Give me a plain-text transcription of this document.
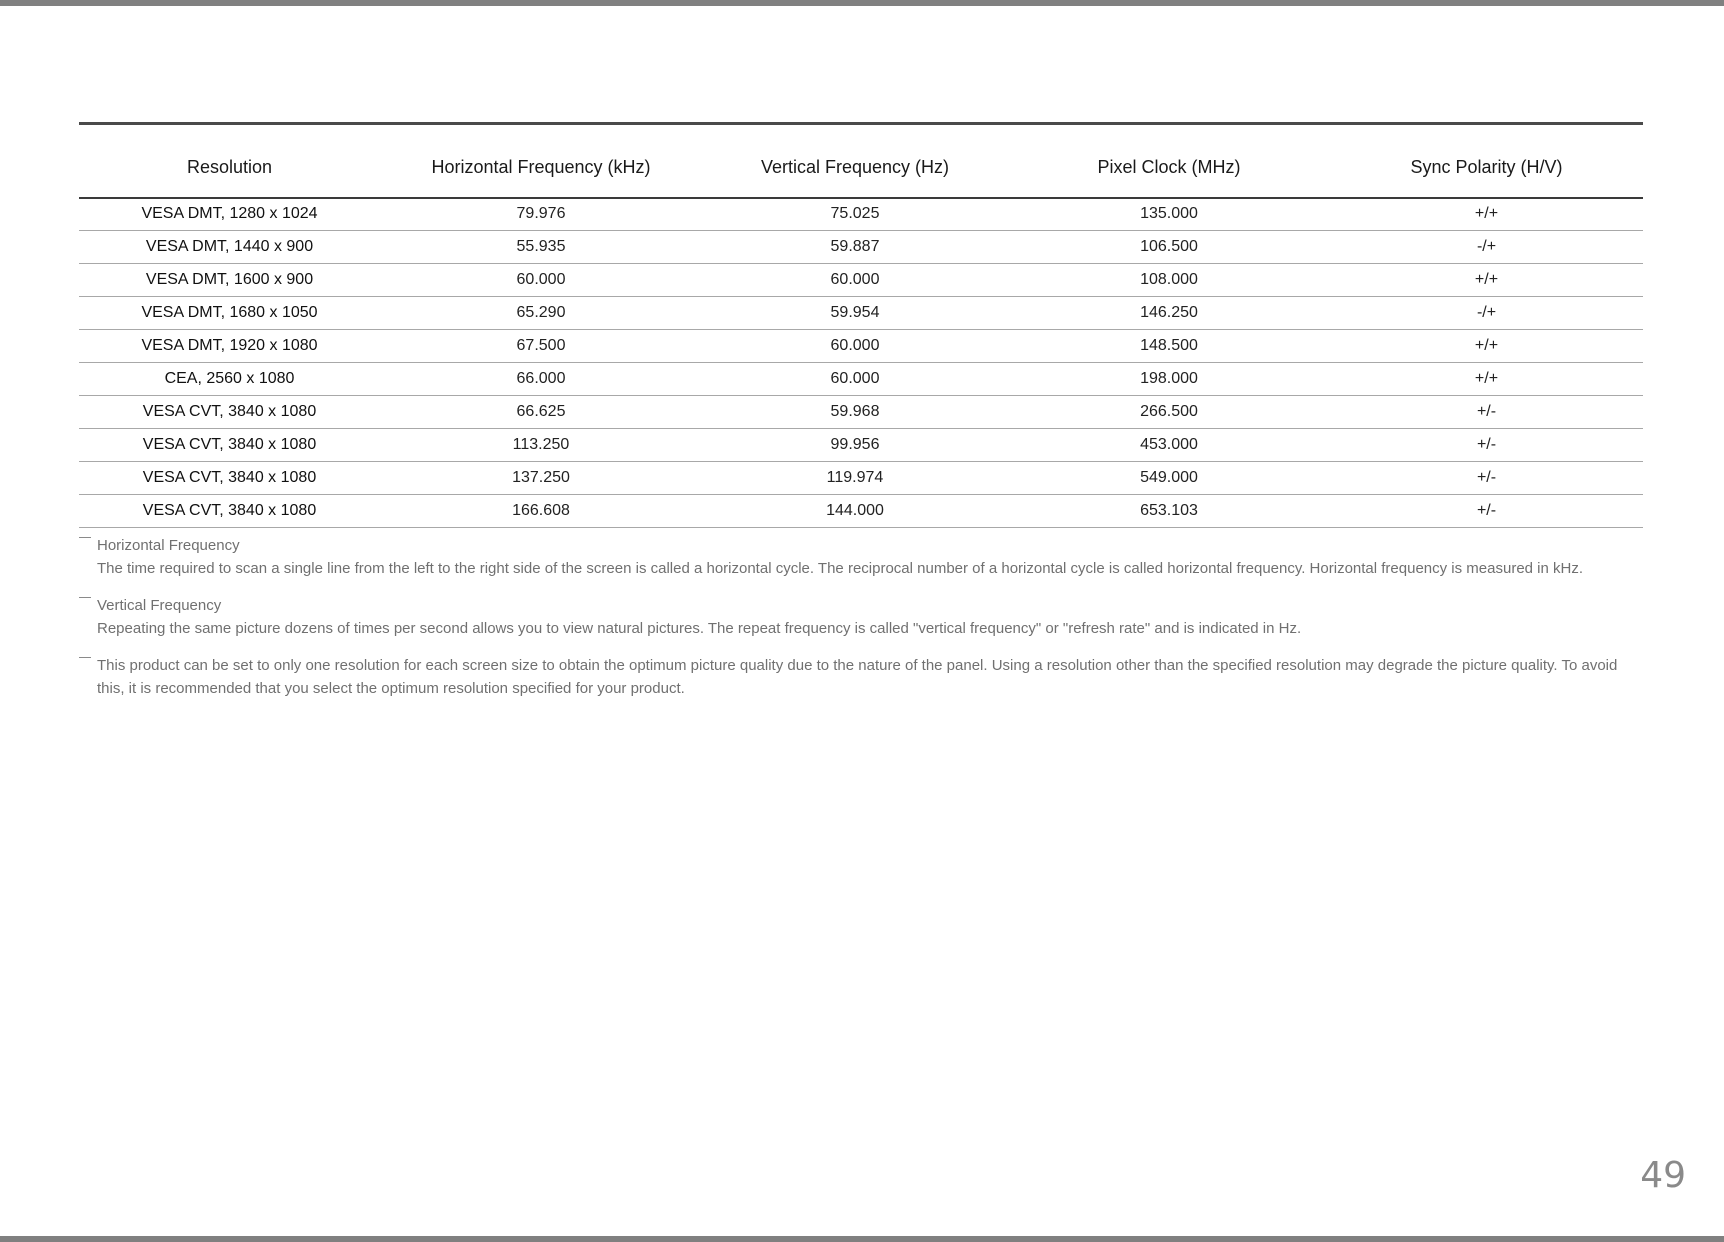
Resolution	Horizontal Frequency (kHz)	Vertical Frequency (Hz)	Pixel Clock (MHz)	Sync Polarity (H/V)
VESA DMT, 1280 x 1024	79.976	75.025	135.000	+/+
VESA DMT, 1440 x 900	55.935	59.887	106.500	-/+
VESA DMT, 1600 x 900	60.000	60.000	108.000	+/+
VESA DMT, 1680 x 1050	65.290	59.954	146.250	-/+
VESA DMT, 1920 x 1080	67.500	60.000	148.500	+/+
CEA, 2560 x 1080	66.000	60.000	198.000	+/+
VESA CVT, 3840 x 1080	66.625	59.968	266.500	+/-
VESA CVT, 3840 x 1080	113.250	99.956	453.000	+/-
VESA CVT, 3840 x 1080	137.250	119.974	549.000	+/-
VESA CVT, 3840 x 1080	166.608	144.000	653.103	+/-
Horizontal Frequency
The time required to scan a single line from the left to the right side of the screen is called a horizontal cycle. The reciprocal number of a horizontal cycle is called horizontal frequency. Horizontal frequency is measured in kHz.
Vertical Frequency
Repeating the same picture dozens of times per second allows you to view natural pictures. The repeat frequency is called "vertical frequency" or "refresh rate" and is indicated in Hz.
This product can be set to only one resolution for each screen size to obtain the optimum picture quality due to the nature of the panel. Using a resolution other than the specified resolution may degrade the picture quality. To avoid this, it is recommended that you select the optimum resolution specified for your product.
49
